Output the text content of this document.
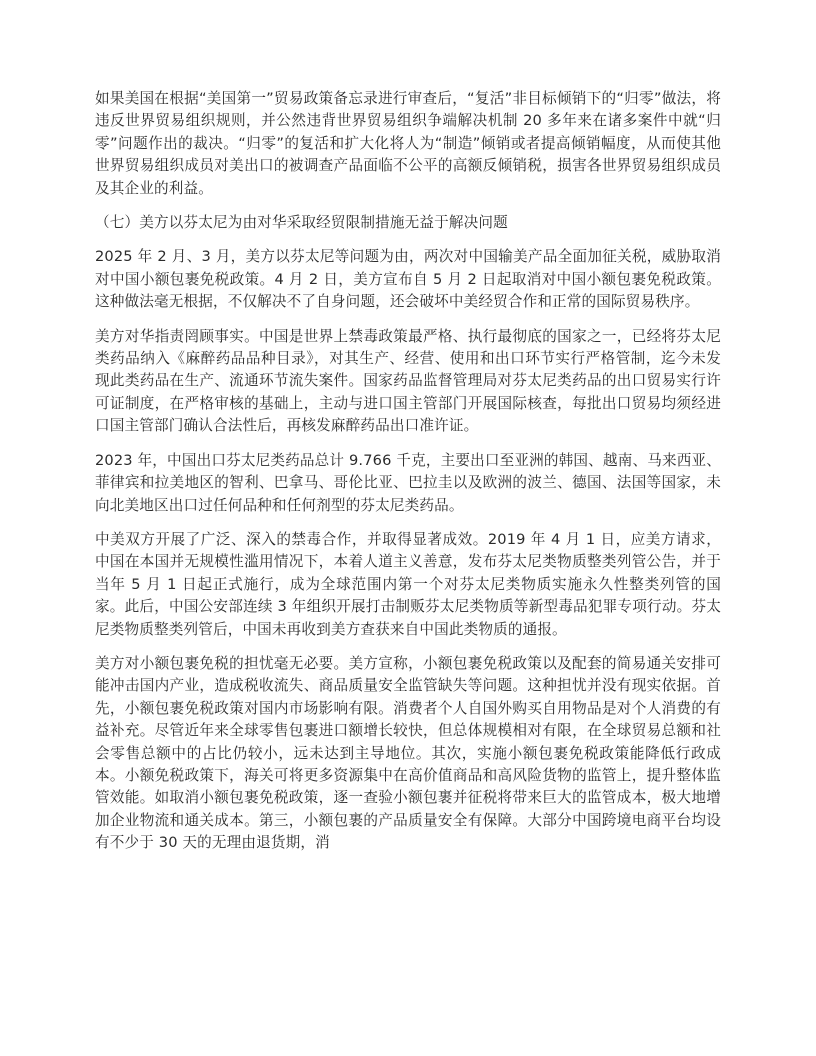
如果美国在根据“美国第一”贸易政策备忘录进行审查后，“复活”非目标倾销下的“归零”做法，将违反世界贸易组织规则，并公然违背世界贸易组织争端解决机制 20 多年来在诸多案件中就“归零”问题作出的裁决。“归零”的复活和扩大化将人为“制造”倾销或者提高倾销幅度，从而使其他世界贸易组织成员对美出口的被调查产品面临不公平的高额反倾销税，损害各世界贸易组织成员及其企业的利益。

（七）美方以芬太尼为由对华采取经贸限制措施无益于解决问题

2025 年 2 月、3 月，美方以芬太尼等问题为由，两次对中国输美产品全面加征关税，威胁取消对中国小额包裹免税政策。4 月 2 日，美方宣布自 5 月 2 日起取消对中国小额包裹免税政策。这种做法毫无根据，不仅解决不了自身问题，还会破坏中美经贸合作和正常的国际贸易秩序。

美方对华指责罔顾事实。中国是世界上禁毒政策最严格、执行最彻底的国家之一，已经将芬太尼类药品纳入《麻醉药品品种目录》，对其生产、经营、使用和出口环节实行严格管制，迄今未发现此类药品在生产、流通环节流失案件。国家药品监督管理局对芬太尼类药品的出口贸易实行许可证制度，在严格审核的基础上，主动与进口国主管部门开展国际核查，每批出口贸易均须经进口国主管部门确认合法性后，再核发麻醉药品出口准许证。

2023 年，中国出口芬太尼类药品总计 9.766 千克，主要出口至亚洲的韩国、越南、马来西亚、菲律宾和拉美地区的智利、巴拿马、哥伦比亚、巴拉圭以及欧洲的波兰、德国、法国等国家，未向北美地区出口过任何品种和任何剂型的芬太尼类药品。

中美双方开展了广泛、深入的禁毒合作，并取得显著成效。2019 年 4 月 1 日，应美方请求，中国在本国并无规模性滥用情况下，本着人道主义善意，发布芬太尼类物质整类列管公告，并于当年 5 月 1 日起正式施行，成为全球范围内第一个对芬太尼类物质实施永久性整类列管的国家。此后，中国公安部连续 3 年组织开展打击制贩芬太尼类物质等新型毒品犯罪专项行动。芬太尼类物质整类列管后，中国未再收到美方查获来自中国此类物质的通报。

美方对小额包裹免税的担忧毫无必要。美方宣称，小额包裹免税政策以及配套的简易通关安排可能冲击国内产业，造成税收流失、商品质量安全监管缺失等问题。这种担忧并没有现实依据。首先，小额包裹免税政策对国内市场影响有限。消费者个人自国外购买自用物品是对个人消费的有益补充。尽管近年来全球零售包裹进口额增长较快，但总体规模相对有限，在全球贸易总额和社会零售总额中的占比仍较小，远未达到主导地位。其次，实施小额包裹免税政策能降低行政成本。小额免税政策下，海关可将更多资源集中在高价值商品和高风险货物的监管上，提升整体监管效能。如取消小额包裹免税政策，逐一查验小额包裹并征税将带来巨大的监管成本，极大地增加企业物流和通关成本。第三，小额包裹的产品质量安全有保障。大部分中国跨境电商平台均设有不少于 30 天的无理由退货期，消
